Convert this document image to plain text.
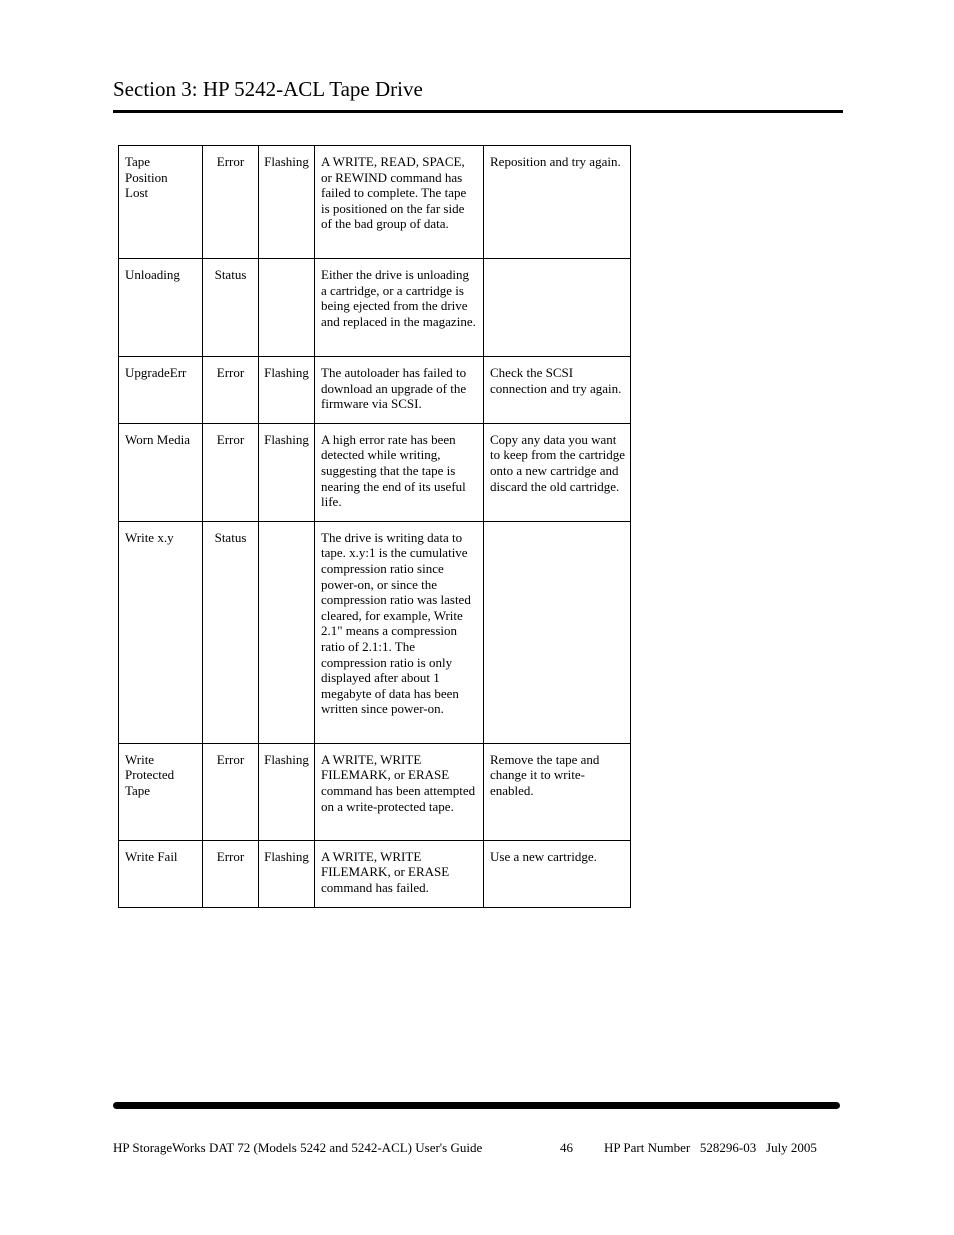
Section 3: HP 5242-ACL Tape Drive
Tape Position Lost	Error	Flashing	A WRITE, READ, SPACE, or REWIND command has failed to complete. The tape is positioned on the far side of the bad group of data.	Reposition and try again.
Unloading	Status		Either the drive is unloading a cartridge, or a cartridge is being ejected from the drive and replaced in the magazine.	
UpgradeErr	Error	Flashing	The autoloader has failed to download an upgrade of the firmware via SCSI.	Check the SCSI connection and try again.
Worn Media	Error	Flashing	A high error rate has been detected while writing, suggesting that the tape is nearing the end of its useful life.	Copy any data you want to keep from the cartridge onto a new cartridge and discard the old cartridge.
Write x.y	Status		The drive is writing data to tape. x.y:1 is the cumulative compression ratio since power-on, or since the compression ratio was lasted cleared, for example, Write 2.1" means a compression ratio of 2.1:1. The compression ratio is only displayed after about 1 megabyte of data has been written since power-on.	
Write Protected Tape	Error	Flashing	A WRITE, WRITE FILEMARK, or ERASE command has been attempted on a write-protected tape.	Remove the tape and change it to write-enabled.
Write Fail	Error	Flashing	A WRITE, WRITE FILEMARK, or ERASE command has failed.	Use a new cartridge.
HP StorageWorks DAT 72 (Models 5242 and 5242-ACL) User's Guide	46 HP Part Number   528296-03   July 2005
